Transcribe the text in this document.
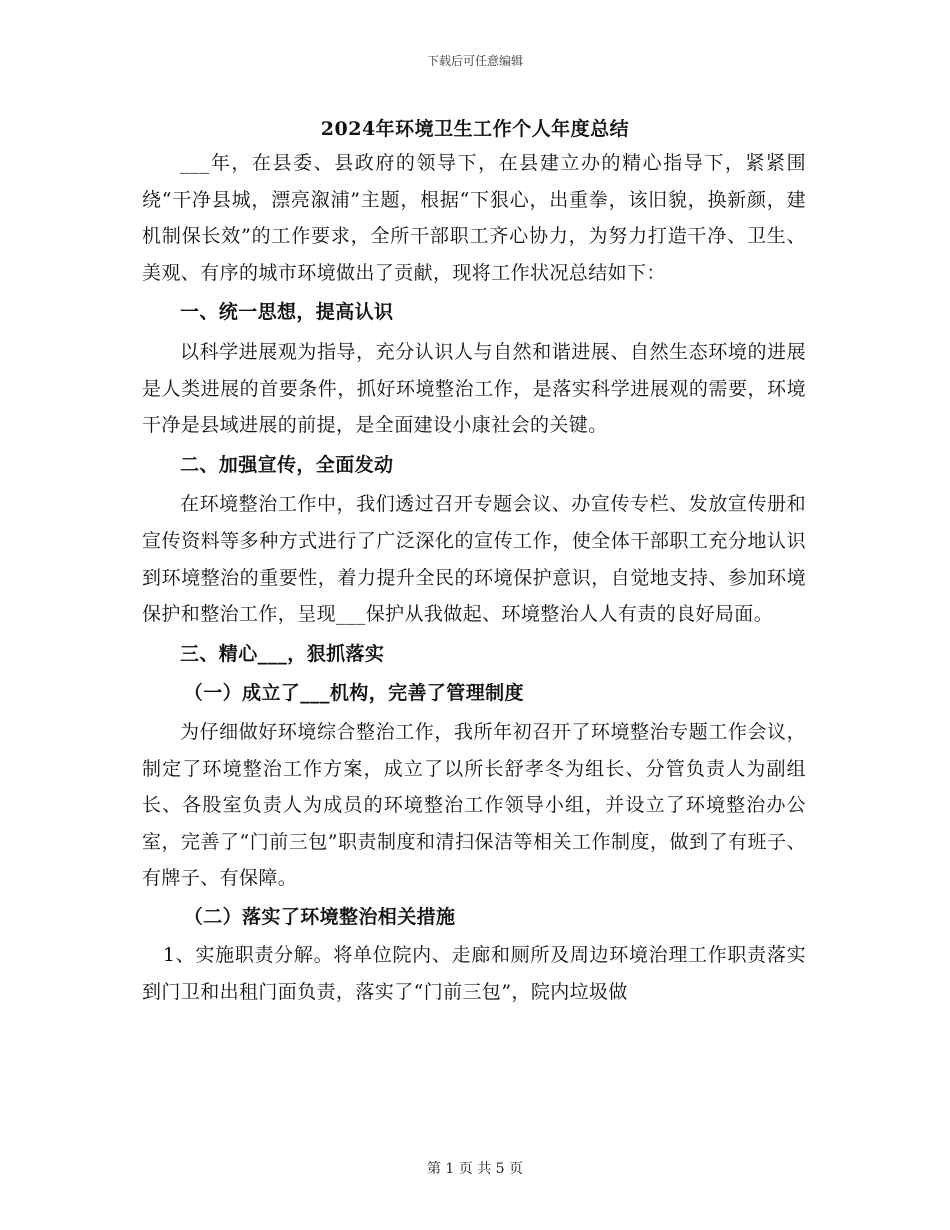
下载后可任意编辑
2024年环境卫生工作个人年度总结

___年，在县委、县政府的领导下，在县建立办的精心指导下，紧紧围绕“干净县城，漂亮溆浦”主题，根据“下狠心，出重拳，该旧貌，换新颜，建机制保长效”的工作要求，全所干部职工齐心协力，为努力打造干净、卫生、美观、有序的城市环境做出了贡献，现将工作状况总结如下：

一、统一思想，提高认识

以科学进展观为指导，充分认识人与自然和谐进展、自然生态环境的进展是人类进展的首要条件，抓好环境整治工作，是落实科学进展观的需要，环境干净是县域进展的前提，是全面建设小康社会的关键。

二、加强宣传，全面发动

在环境整治工作中，我们透过召开专题会议、办宣传专栏、发放宣传册和宣传资料等多种方式进行了广泛深化的宣传工作，使全体干部职工充分地认识到环境整治的重要性，着力提升全民的环境保护意识，自觉地支持、参加环境保护和整治工作，呈现___保护从我做起、环境整治人人有责的良好局面。

三、精心___，狠抓落实

（一）成立了___机构，完善了管理制度

为仔细做好环境综合整治工作，我所年初召开了环境整治专题工作会议，制定了环境整治工作方案，成立了以所长舒孝冬为组长、分管负责人为副组长、各股室负责人为成员的环境整治工作领导小组，并设立了环境整治办公室，完善了“门前三包”职责制度和清扫保洁等相关工作制度，做到了有班子、有牌子、有保障。

（二）落实了环境整治相关措施

1、实施职责分解。将单位院内、走廊和厕所及周边环境治理工作职责落实到门卫和出租门面负责，落实了“门前三包”，院内垃圾做

第 1 页 共 5 页
